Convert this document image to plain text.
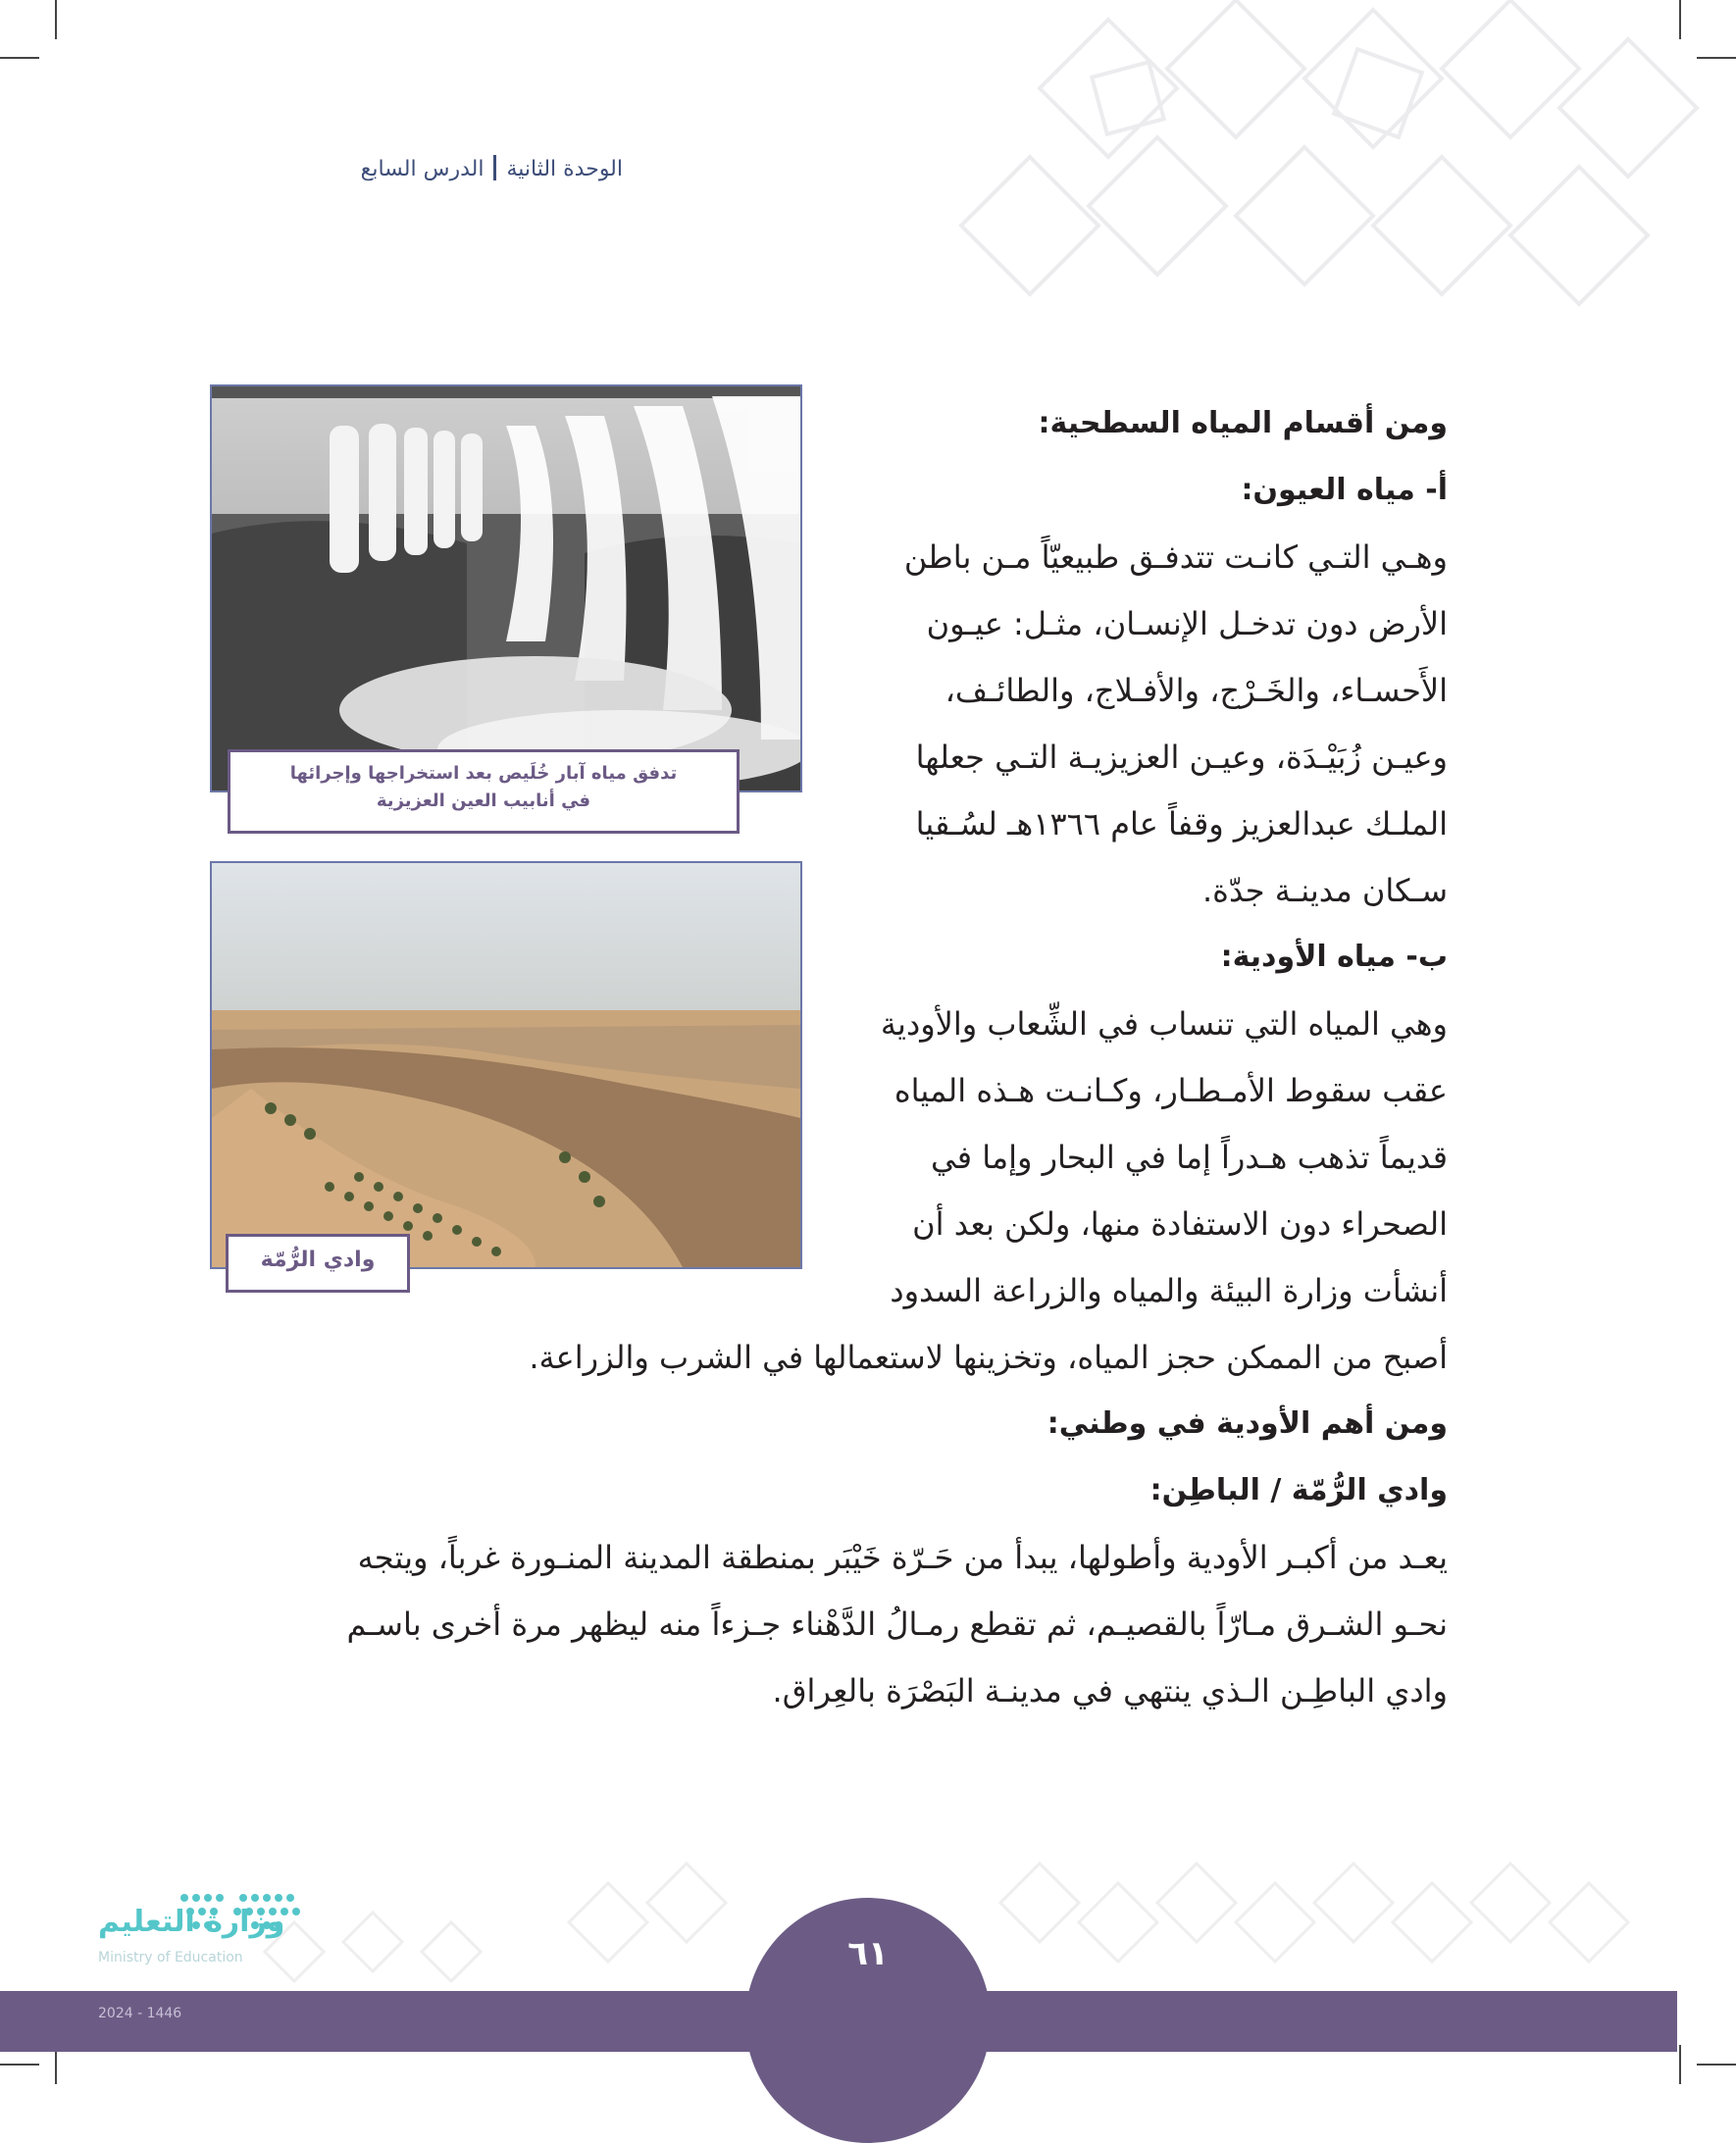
الوحدة الثانيةالدرس السابع
تدفق مياه آبار خُلَيص بعد استخراجها وإجرائها
في أنابيب العين العزيزية
وادي الرُّمّة
ومن أقسام المياه السطحية:
أ- مياه العيون:
وهـي التـي كانـت تتدفـق طبيعيّاً مـن باطن
الأرض دون تدخـل الإنسـان، مثـل: عيـون
الأَحسـاء، والخَـرْج، والأفـلاج، والطائـف،
وعيـن زُبَيْـدَة، وعيـن العزيزيـة التـي جعلها
الملـك عبدالعزيز وقفاً عام ١٣٦٦هـ لسُـقيا
سـكان مدينـة جدّة.
ب- مياه الأودية:
وهي المياه التي تنساب في الشِّعاب والأودية
عقب سقوط الأمـطـار، وكـانـت هـذه المياه
قديماً تذهب هـدراً إما في البحار وإما في
الصحراء دون الاستفادة منها، ولكن بعد أن
أنشأت وزارة البيئة والمياه والزراعة السدود
أصبح من الممكن حجز المياه، وتخزينها لاستعمالها في الشرب والزراعة.
ومن أهم الأودية في وطني:
وادي الرُّمّة / الباطِن:
يعـد من أكبـر الأودية وأطولها، يبدأ من حَـرّة خَيْبَر بمنطقة المدينة المنـورة غرباً، ويتجه
نحـو الشـرق مـارّاً بالقصيـم، ثم تقطع رمـالُ الدَّهْناء جـزءاً منه ليظهر مرة أخرى باسـم
وادي الباطِـن الـذي ينتهي في مدينـة البَصْرَة بالعِراق.
٦١
وزارة التعليم
Ministry of Education
2024 - 1446
